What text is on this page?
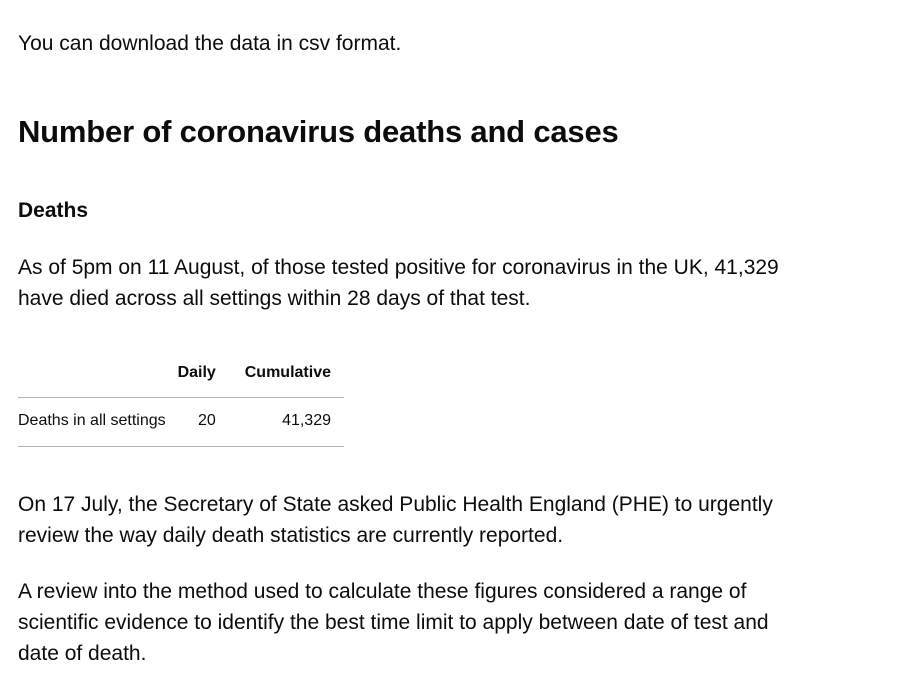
You can download the data in csv format.

Number of coronavirus deaths and cases
Deaths

As of 5pm on 11 August, of those tested positive for coronavirus in the UK, 41,329 have died across all settings within 28 days of that test.

	Daily	Cumulative
Deaths in all settings	20	41,329

On 17 July, the Secretary of State asked Public Health England (PHE) to urgently review the way daily death statistics are currently reported.

A review into the method used to calculate these figures considered a range of scientific evidence to identify the best time limit to apply between date of test and date of death.
